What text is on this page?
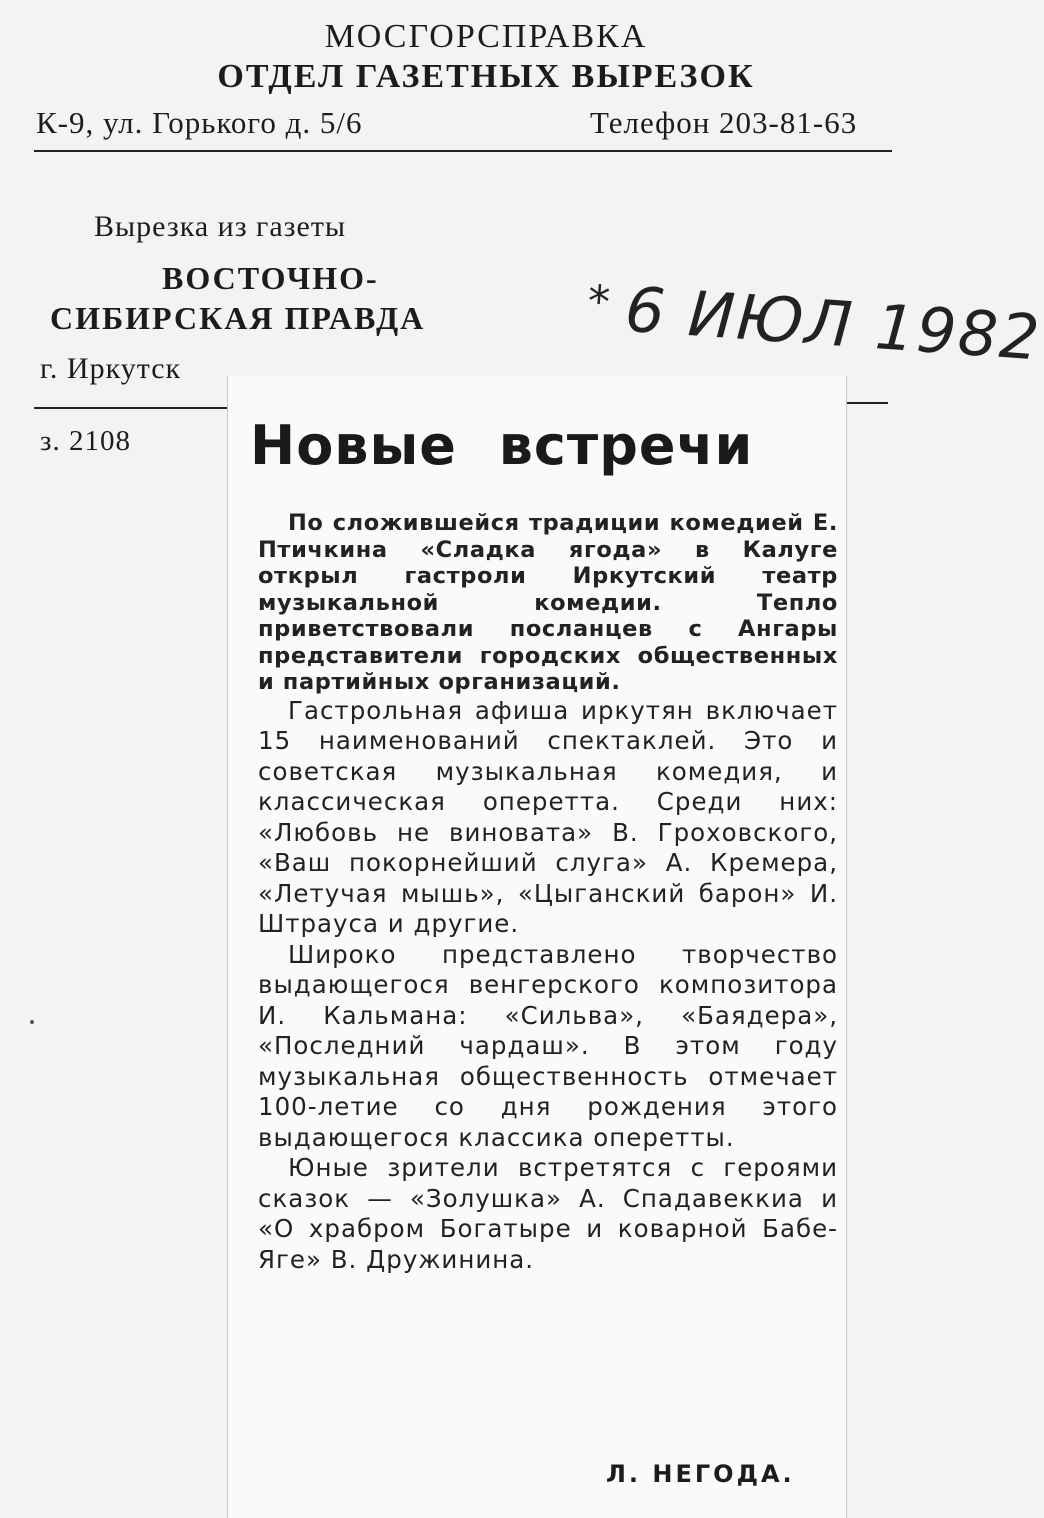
МОСГОРСПРАВКА
ОТДЕЛ ГАЗЕТНЫХ ВЫРЕЗОК
К-9, ул. Горького д. 5/6	Телефон 203-81-63
Вырезка из газеты
ВОСТОЧНО-
СИБИРСКАЯ ПРАВДА
г. Иркутск
з. 2108
* 6 ИЮЛ 1982
Новые встречи

По сложившейся традиции комедией Е. Птичкина «Сладка ягода» в Калуге открыл гастроли Иркутский театр музыкальной комедии. Тепло приветствовали посланцев с Ангары представители городских общественных и партийных организаций.

Гастрольная афиша иркутян включает 15 наименований спектаклей. Это и советская музыкальная комедия, и классическая оперетта. Среди них: «Любовь не виновата» В. Гроховского, «Ваш покорнейший слуга» А. Кремера, «Летучая мышь», «Цыганский барон» И. Штрауса и другие.

Широко представлено творчество выдающегося венгерского композитора И. Кальмана: «Сильва», «Баядера», «Последний чардаш». В этом году музыкальная общественность отмечает 100-летие со дня рождения этого выдающегося классика оперетты.

Юные зрители встретятся с героями сказок — «Золушка» А. Спадавеккиа и «О храбром Богатыре и коварной Бабе-Яге» В. Дружинина.

Л. НЕГОДА.
